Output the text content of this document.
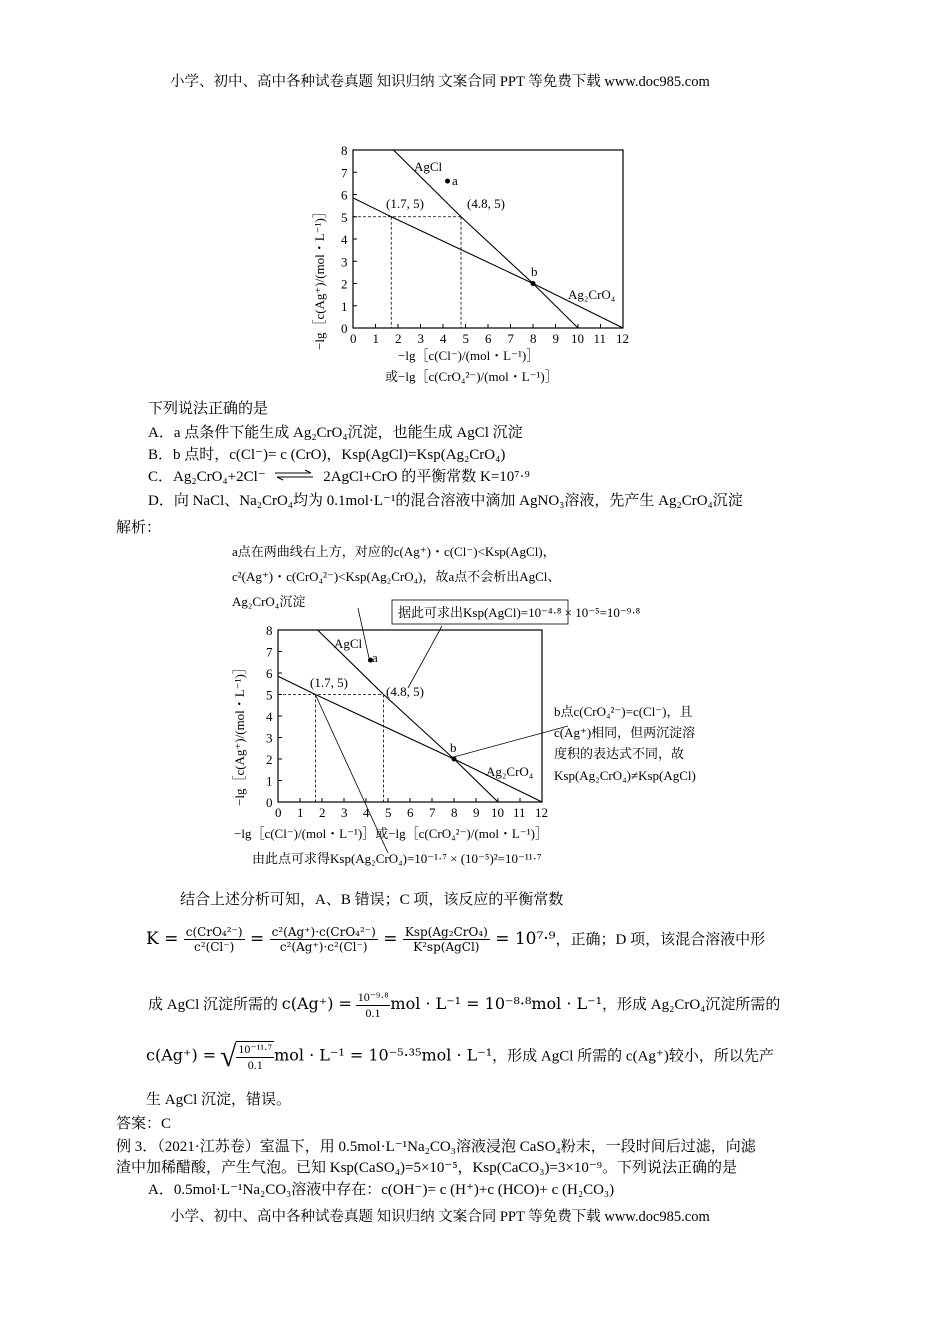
小学、初中、高中各种试卷真题 知识归纳 文案合同 PPT 等免费下载 www.doc985.com
0
1
2
3
4
5
6
7
8
0 1 2 3 4 5 6 7 8 9 10 11 12
−lg［c(Ag⁺)/(mol・L⁻¹)］
−lg［c(Cl⁻)/(mol・L⁻¹)］
或−lg［c(CrO₄²⁻)/(mol・L⁻¹)］
AgCl
Ag₂CrO₄
a
b
(1.7, 5)	(4.8, 5)
下列说法正确的是
A．a 点条件下能生成 Ag₂CrO₄沉淀，也能生成 AgCl 沉淀
B．b 点时，c(Cl⁻)= c (CrO)，Ksp(AgCl)=Ksp(Ag₂CrO₄)
C．Ag₂CrO₄+2Cl⁻ ⇌ 2AgCl+CrO 的平衡常数 K=10⁷·⁹
D．向 NaCl、Na₂CrO₄均为 0.1mol·L⁻¹的混合溶液中滴加 AgNO₃溶液，先产生 Ag₂CrO₄沉淀
解析：
a点在两曲线右上方，对应的c(Ag⁺)・c(Cl⁻)<Ksp(AgCl)，
c²(Ag⁺)・c(CrO₄²⁻)<Ksp(Ag₂CrO₄)，故a点不会析出AgCl、
Ag₂CrO₄沉淀
据此可求出Ksp(AgCl)=10⁻⁴·⁸ × 10⁻⁵=10⁻⁹·⁸
0
1
2
3
4
5
6
7
8
0 1 2 3 4 5 6 7 8 9 10 11 12
AgCl
Ag₂CrO₄
a
b
(1.7, 5)
(4.8, 5)
b点c(CrO₄²⁻)=c(Cl⁻)，且
c(Ag⁺)相同，但两沉淀溶
度积的表达式不同，故
Ksp(Ag₂CrO₄)≠Ksp(AgCl)
−lg［c(Cl⁻)/(mol・L⁻¹)］或−lg［c(CrO₄²⁻)/(mol・L⁻¹)］
由此点可求得Ksp(Ag₂CrO₄)=10⁻¹·⁷ × (10⁻⁵)²=10⁻¹¹·⁷
−lg［c(Ag⁺)/(mol・L⁻¹)］
结合上述分析可知，A、B 错误；C 项，该反应的平衡常数
$K = \frac{\text{c(CrO₄²⁻)}}{\text{c²(Cl⁻)}} = \frac{\text{c²(Ag⁺)·c(CrO₄²⁻)}}{\text{c²(Ag⁺)·c²(Cl⁻)}} = \frac{\text{Ksp(Ag₂CrO₄)}}{\text{K²sp(AgCl)}} = 10^7\cdot^9$，正确；D 项，该混合溶液中形
成 AgCl 沉淀所需的 $c(Ag^+) = \frac{\text{10⁻⁹·⁸}}{0.1}$ mol · L⁻¹ = 10⁻⁸·⁸mol · L⁻¹，形成 Ag₂CrO₄沉淀所需的
c(Ag⁺) = √ $\frac{\text{10⁻¹¹·⁷}}{0.1}$ mol · L⁻¹ = 10⁻⁵·³⁵mol · L⁻¹，形成 AgCl 所需的 c(Ag⁺)较小，所以先产
生 AgCl 沉淀，错误。
答案：C
例 3．（2021·江苏卷）室温下，用 0.5mol·L⁻¹Na₂CO₃溶液浸泡 CaSO₄粉末，一段时间后过滤，向滤
渣中加稀醋酸，产生气泡。已知 Ksp(CaSO₄)=5×10⁻⁵，Ksp(CaCO₃)=3×10⁻⁹。下列说法正确的是
A．0.5mol·L⁻¹Na₂CO₃溶液中存在：c(OH⁻)= c (H⁺)+c (HCO)+ c (H₂CO₃)
小学、初中、高中各种试卷真题 知识归纳 文案合同 PPT 等免费下载 www.doc985.com
